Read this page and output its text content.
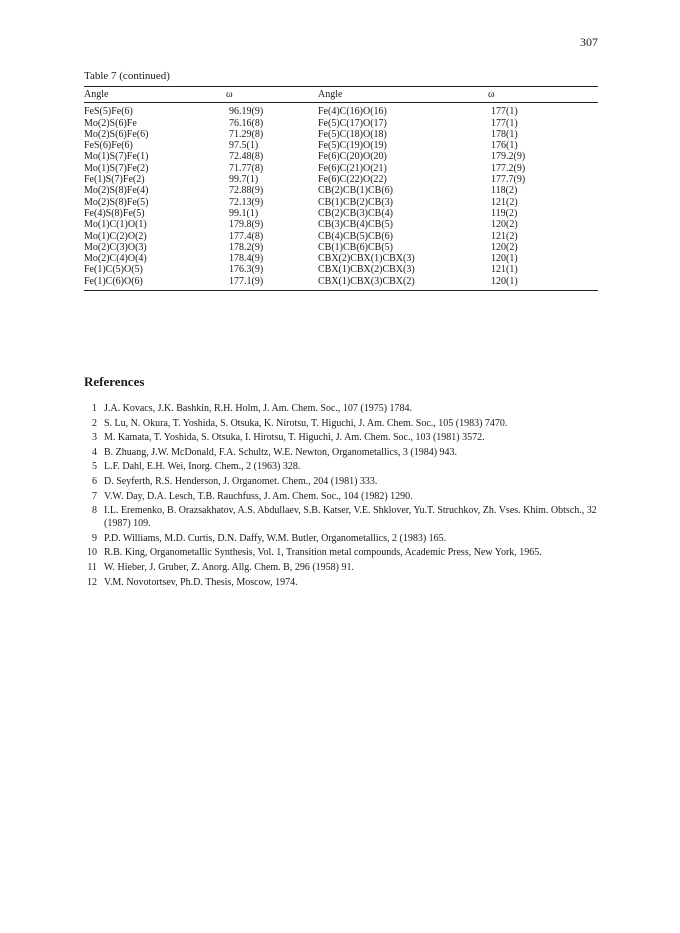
307
Table 7 (continued)
Angle	ω	Angle	ω
FeS(5)Fe(6)	96.19(9)	Fe(4)C(16)O(16)	177(1)
Mo(2)S(6)Fe	76.16(8)	Fe(5)C(17)O(17)	177(1)
Mo(2)S(6)Fe(6)	71.29(8)	Fe(5)C(18)O(18)	178(1)
FeS(6)Fe(6)	97.5(1)	Fe(5)C(19)O(19)	176(1)
Mo(1)S(7)Fe(1)	72.48(8)	Fe(6)C(20)O(20)	179.2(9)
Mo(1)S(7)Fe(2)	71.77(8)	Fe(6)C(21)O(21)	177.2(9)
Fe(1)S(7)Fe(2)	99.7(1)	Fe(6)C(22)O(22)	177.7(9)
Mo(2)S(8)Fe(4)	72.88(9)	CB(2)CB(1)CB(6)	118(2)
Mo(2)S(8)Fe(5)	72.13(9)	CB(1)CB(2)CB(3)	121(2)
Fe(4)S(8)Fe(5)	99.1(1)	CB(2)CB(3)CB(4)	119(2)
Mo(1)C(1)O(1)	179.8(9)	CB(3)CB(4)CB(5)	120(2)
Mo(1)C(2)O(2)	177.4(8)	CB(4)CB(5)CB(6)	121(2)
Mo(2)C(3)O(3)	178.2(9)	CB(1)CB(6)CB(5)	120(2)
Mo(2)C(4)O(4)	178.4(9)	CBX(2)CBX(1)CBX(3)	120(1)
Fe(1)C(5)O(5)	176.3(9)	CBX(1)CBX(2)CBX(3)	121(1)
Fe(1)C(6)O(6)	177.1(9)	CBX(1)CBX(3)CBX(2)	120(1)
References
1 J.A. Kovacs, J.K. Bashkin, R.H. Holm, J. Am. Chem. Soc., 107 (1975) 1784.
2 S. Lu, N. Okura, T. Yoshida, S. Otsuka, K. Nirotsu, T. Higuchi, J. Am. Chem. Soc., 105 (1983) 7470.
3 M. Kamata, T. Yoshida, S. Otsuka, I. Hirotsu, T. Higuchi, J. Am. Chem. Soc., 103 (1981) 3572.
4 B. Zhuang, J.W. McDonald, F.A. Schultz, W.E. Newton, Organometallics, 3 (1984) 943.
5 L.F. Dahl, E.H. Wei, Inorg. Chem., 2 (1963) 328.
6 D. Seyferth, R.S. Henderson, J. Organomet. Chem., 204 (1981) 333.
7 V.W. Day, D.A. Lesch, T.B. Rauchfuss, J. Am. Chem. Soc., 104 (1982) 1290.
8 I.L. Eremenko, B. Orazsakhatov, A.S. Abdullaev, S.B. Katser, V.E. Shklover, Yu.T. Struchkov, Zh. Vses. Khim. Obtsch., 32 (1987) 109.
9 P.D. Williams, M.D. Curtis, D.N. Daffy, W.M. Butler, Organometallics, 2 (1983) 165.
10 R.B. King, Organometallic Synthesis, Vol. 1, Transition metal compounds, Academic Press, New York, 1965.
11 W. Hieber, J. Gruber, Z. Anorg. Allg. Chem. B, 296 (1958) 91.
12 V.M. Novotortsev, Ph.D. Thesis, Moscow, 1974.
